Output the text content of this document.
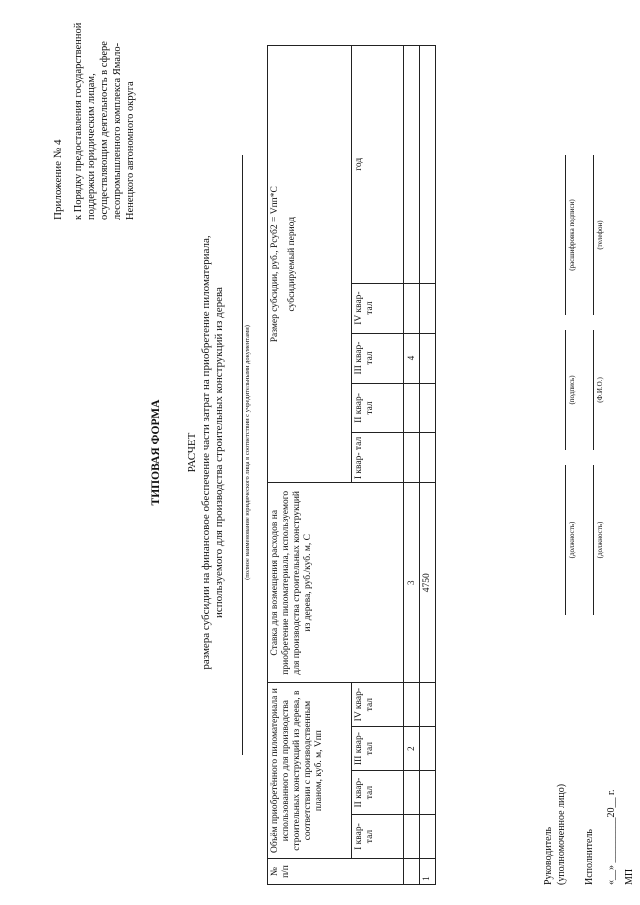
Приложение № 4 к Порядку предоставления государственной поддержки юридическим лицам, осуществляющим деятельность в сфере лесопромышленного комплекса Ямало-Ненецкого автономного округа
ТИПОВАЯ ФОРМА РАСЧЕТ размера субсидии на финансовое обеспечение части затрат на приобретение пиломатериала, используемого для производства строительных конструкций из дерева	(полное наименование юридического лица в соответствии с учредительными документами)
№ п/п	Объём приобретённого пиломатериала и использованного для производства строительных конструкций из дерева, в соответствии с производственным планом, куб. м, Vпп				Ставка для возмещения расходов на приобретение пиломатериала, используемого для производства строительных конструкций из дерева, руб./куб. м, С	Размер субсидии, руб., Рсуб2 = Vпп*С субсидируемый период				

	I квар- тал	II квар- тал	III квар- тал	IV квар- тал		I квар- тал	II квар- тал	III квар- тал	IV квар- тал	год
			2		3			4		
1					4750					
Руководитель (уполномоченное лицо)
(должность)
(подпись)
(расшифровка подписи)
Исполнитель
(должность)
(Ф.И.О.)
(телефон)
«__» _________20__ г. МП
